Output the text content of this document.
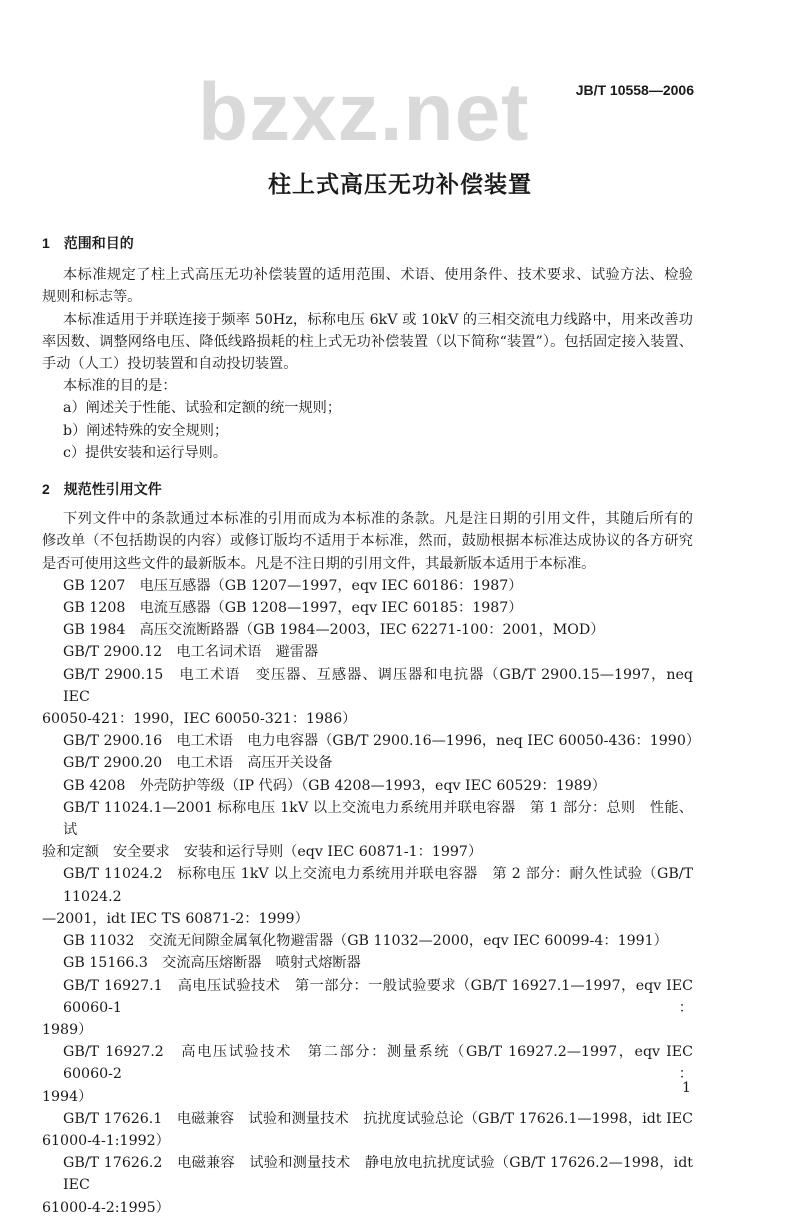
JB/T 10558—2006
bzxz.net
柱上式高压无功补偿装置
1 范围和目的
本标准规定了柱上式高压无功补偿装置的适用范围、术语、使用条件、技术要求、试验方法、检验
规则和标志等。
本标准适用于并联连接于频率 50Hz，标称电压 6kV 或 10kV 的三相交流电力线路中，用来改善功
率因数、调整网络电压、降低线路损耗的柱上式无功补偿装置（以下简称“装置”）。包括固定接入装置、
手动（人工）投切装置和自动投切装置。
本标准的目的是：
a）阐述关于性能、试验和定额的统一规则；
b）阐述特殊的安全规则；
c）提供安装和运行导则。
2 规范性引用文件
下列文件中的条款通过本标准的引用而成为本标准的条款。凡是注日期的引用文件，其随后所有的
修改单（不包括勘误的内容）或修订版均不适用于本标准，然而，鼓励根据本标准达成协议的各方研究
是否可使用这些文件的最新版本。凡是不注日期的引用文件，其最新版本适用于本标准。
GB 1207　电压互感器（GB 1207—1997，eqv IEC 60186：1987）
GB 1208　电流互感器（GB 1208—1997，eqv IEC 60185：1987）
GB 1984　高压交流断路器（GB 1984—2003，IEC 62271-100：2001，MOD）
GB/T 2900.12　电工名词术语　避雷器
GB/T 2900.15　电工术语　变压器、互感器、调压器和电抗器（GB/T 2900.15—1997，neq IEC
60050-421：1990，IEC 60050-321：1986）
GB/T 2900.16　电工术语　电力电容器（GB/T 2900.16—1996，neq IEC 60050-436：1990）
GB/T 2900.20　电工术语　高压开关设备
GB 4208　外壳防护等级（IP 代码）（GB 4208—1993，eqv IEC 60529：1989）
GB/T 11024.1—2001 标称电压 1kV 以上交流电力系统用并联电容器　第 1 部分：总则　性能、试
验和定额　安全要求　安装和运行导则（eqv IEC 60871-1：1997）
GB/T 11024.2　标称电压 1kV 以上交流电力系统用并联电容器　第 2 部分：耐久性试验（GB/T 11024.2
—2001，idt IEC TS 60871-2：1999）
GB 11032　交流无间隙金属氧化物避雷器（GB 11032—2000，eqv IEC 60099-4：1991）
GB 15166.3　交流高压熔断器　喷射式熔断器
GB/T 16927.1　高电压试验技术　第一部分：一般试验要求（GB/T 16927.1—1997，eqv IEC 60060-1：
1989）
GB/T 16927.2　高电压试验技术　第二部分：测量系统（GB/T 16927.2—1997，eqv IEC 60060-2：
1994）
GB/T 17626.1　电磁兼容　试验和测量技术　抗扰度试验总论（GB/T 17626.1—1998，idt IEC
61000-4-1:1992）
GB/T 17626.2　电磁兼容　试验和测量技术　静电放电抗扰度试验（GB/T 17626.2—1998，idt IEC
61000-4-2:1995）
1
